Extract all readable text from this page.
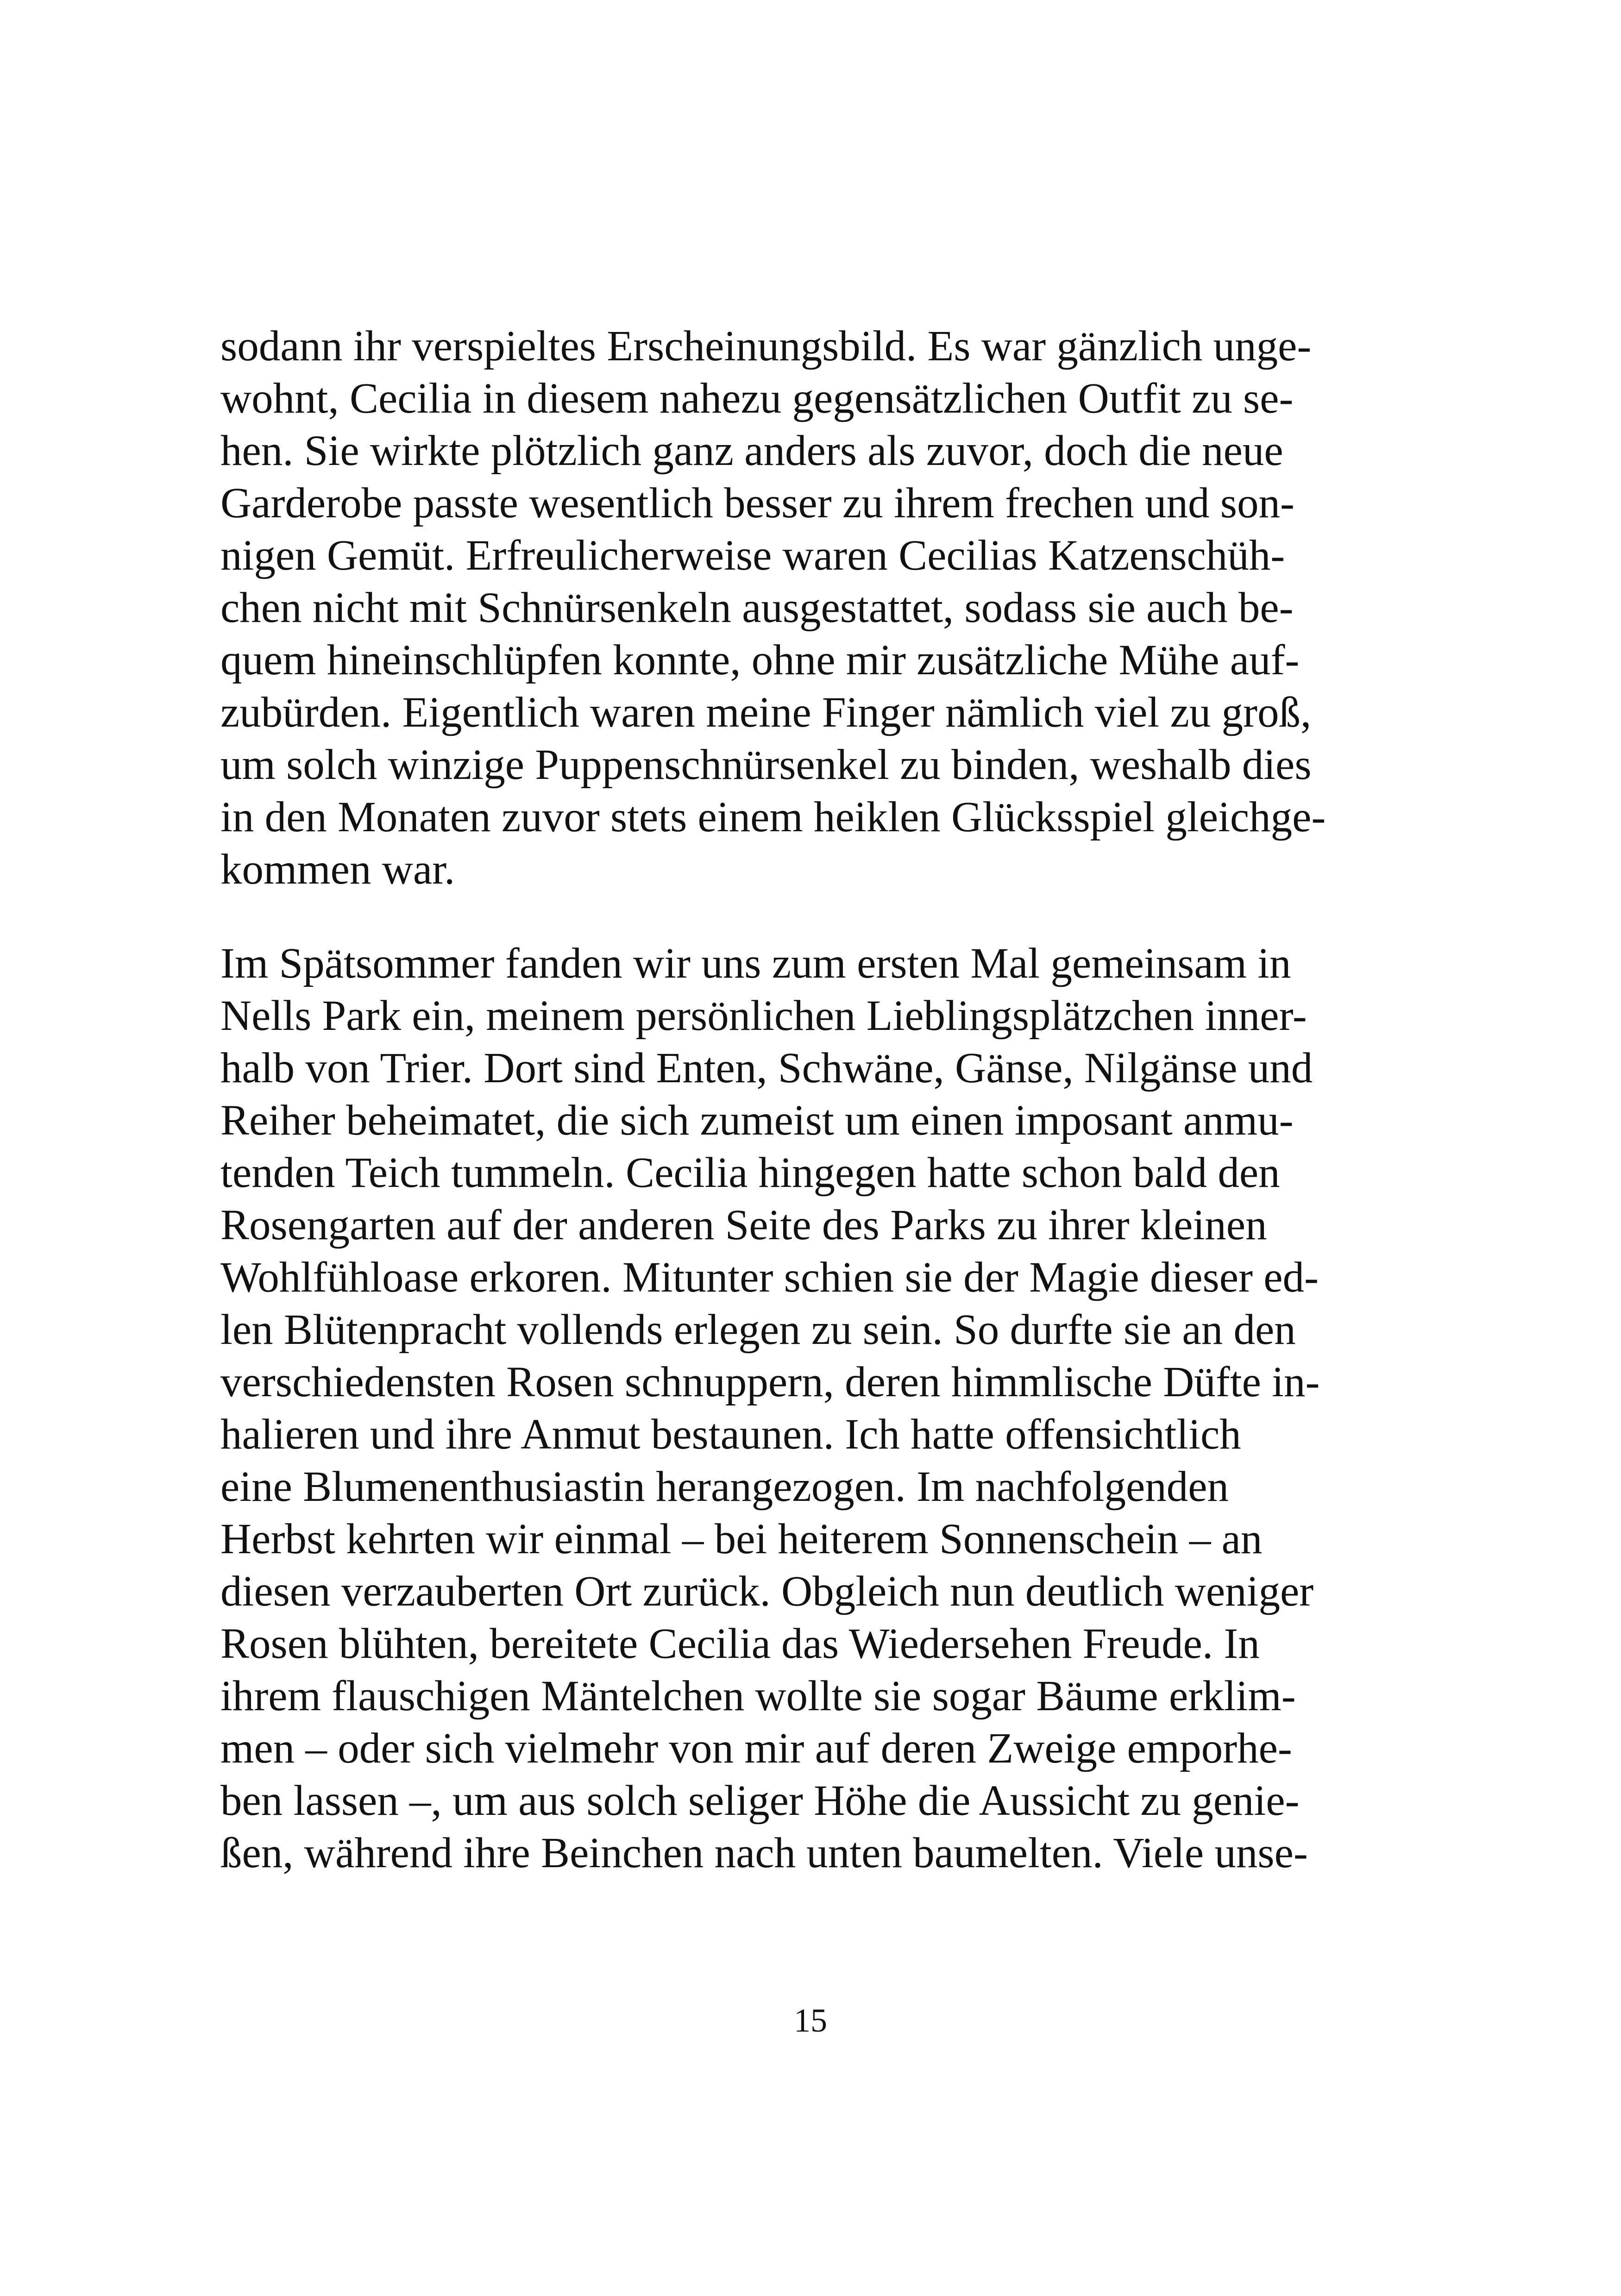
sodann ihr verspieltes Erscheinungsbild. Es war gänzlich unge-
wohnt, Cecilia in diesem nahezu gegensätzlichen Outfit zu se-
hen. Sie wirkte plötzlich ganz anders als zuvor, doch die neue
Garderobe passte wesentlich besser zu ihrem frechen und son-
nigen Gemüt. Erfreulicherweise waren Cecilias Katzenschüh-
chen nicht mit Schnürsenkeln ausgestattet, sodass sie auch be-
quem hineinschlüpfen konnte, ohne mir zusätzliche Mühe auf-
zubürden. Eigentlich waren meine Finger nämlich viel zu groß,
um solch winzige Puppenschnürsenkel zu binden, weshalb dies
in den Monaten zuvor stets einem heiklen Glücksspiel gleichge-
kommen war.
Im Spätsommer fanden wir uns zum ersten Mal gemeinsam in
Nells Park ein, meinem persönlichen Lieblingsplätzchen inner-
halb von Trier. Dort sind Enten, Schwäne, Gänse, Nilgänse und
Reiher beheimatet, die sich zumeist um einen imposant anmu-
tenden Teich tummeln. Cecilia hingegen hatte schon bald den
Rosengarten auf der anderen Seite des Parks zu ihrer kleinen
Wohlfühloase erkoren. Mitunter schien sie der Magie dieser ed-
len Blütenpracht vollends erlegen zu sein. So durfte sie an den
verschiedensten Rosen schnuppern, deren himmlische Düfte in-
halieren und ihre Anmut bestaunen. Ich hatte offensichtlich
eine Blumenenthusiastin herangezogen. Im nachfolgenden
Herbst kehrten wir einmal – bei heiterem Sonnenschein – an
diesen verzauberten Ort zurück. Obgleich nun deutlich weniger
Rosen blühten, bereitete Cecilia das Wiedersehen Freude. In
ihrem flauschigen Mäntelchen wollte sie sogar Bäume erklim-
men – oder sich vielmehr von mir auf deren Zweige emporhe-
ben lassen –, um aus solch seliger Höhe die Aussicht zu genie-
ßen, während ihre Beinchen nach unten baumelten. Viele unse-
15
